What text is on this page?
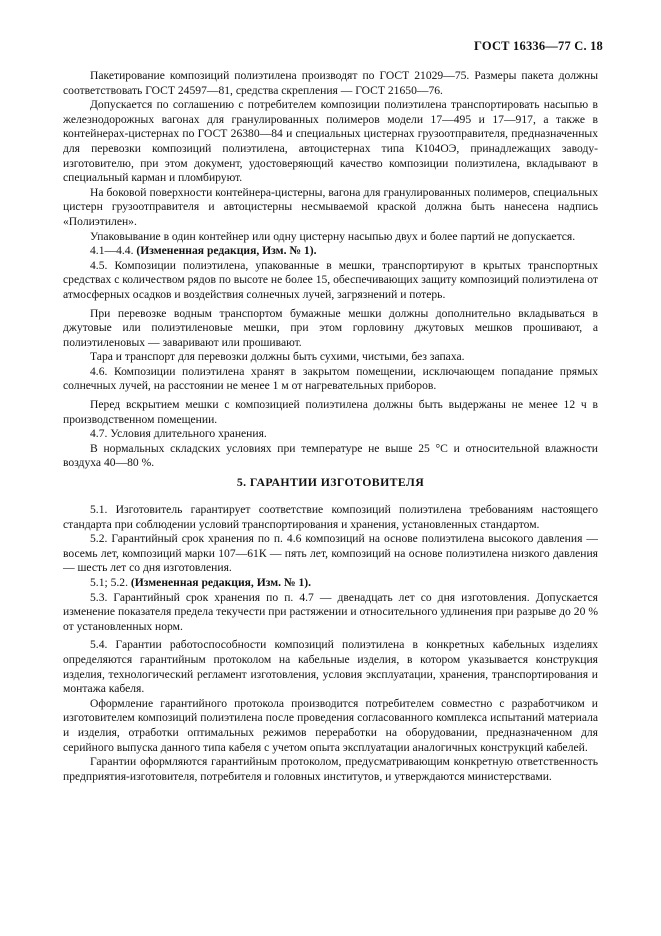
ГОСТ 16336—77 С. 18

Пакетирование композиций полиэтилена производят по ГОСТ 21029—75. Размеры пакета должны соответствовать ГОСТ 24597—81, средства скрепления — ГОСТ 21650—76.

Допускается по соглашению с потребителем композиции полиэтилена транспортировать насыпью в железнодорожных вагонах для гранулированных полимеров модели 17—495 и 17—917, а также в контейнерах-цистернах по ГОСТ 26380—84 и специальных цистернах грузоотправителя, предназначенных для перевозки композиций полиэтилена, автоцистернах типа К104ОЭ, принадлежащих заводу-изготовителю, при этом документ, удостоверяющий качество композиции полиэтилена, вкладывают в специальный карман и пломбируют.

На боковой поверхности контейнера-цистерны, вагона для гранулированных полимеров, специальных цистерн грузоотправителя и автоцистерны несмываемой краской должна быть нанесена надпись «Полиэтилен».

Упаковывание в один контейнер или одну цистерну насыпью двух и более партий не допускается.

4.1—4.4. (Измененная редакция, Изм. № 1).

4.5. Композиции полиэтилена, упакованные в мешки, транспортируют в крытых транспортных средствах с количеством рядов по высоте не более 15, обеспечивающих защиту композиций полиэтилена от атмосферных осадков и воздействия солнечных лучей, загрязнений и потерь.

При перевозке водным транспортом бумажные мешки должны дополнительно вкладываться в джутовые или полиэтиленовые мешки, при этом горловину джутовых мешков прошивают, а полиэтиленовых — заваривают или прошивают.

Тара и транспорт для перевозки должны быть сухими, чистыми, без запаха.

4.6. Композиции полиэтилена хранят в закрытом помещении, исключающем попадание прямых солнечных лучей, на расстоянии не менее 1 м от нагревательных приборов.

Перед вскрытием мешки с композицией полиэтилена должны быть выдержаны не менее 12 ч в производственном помещении.

4.7. Условия длительного хранения.

В нормальных складских условиях при температуре не выше 25 °С и относительной влажности воздуха 40—80 %.

5. ГАРАНТИИ ИЗГОТОВИТЕЛЯ

5.1. Изготовитель гарантирует соответствие композиций полиэтилена требованиям настоящего стандарта при соблюдении условий транспортирования и хранения, установленных стандартом.

5.2. Гарантийный срок хранения по п. 4.6 композиций на основе полиэтилена высокого давления — восемь лет, композиций марки 107—61К — пять лет, композиций на основе полиэтилена низкого давления — шесть лет со дня изготовления.

5.1; 5.2. (Измененная редакция, Изм. № 1).

5.3. Гарантийный срок хранения по п. 4.7 — двенадцать лет со дня изготовления. Допускается изменение показателя предела текучести при растяжении и относительного удлинения при разрыве до 20 % от установленных норм.

5.4. Гарантии работоспособности композиций полиэтилена в конкретных кабельных изделиях определяются гарантийным протоколом на кабельные изделия, в котором указывается конструкция изделия, технологический регламент изготовления, условия эксплуатации, хранения, транспортирования и монтажа кабеля.

Оформление гарантийного протокола производится потребителем совместно с разработчиком и изготовителем композиций полиэтилена после проведения согласованного комплекса испытаний материала и изделия, отработки оптимальных режимов переработки на оборудовании, предназначенном для серийного выпуска данного типа кабеля с учетом опыта эксплуатации аналогичных конструкций кабелей.

Гарантии оформляются гарантийным протоколом, предусматривающим конкретную ответственность предприятия-изготовителя, потребителя и головных институтов, и утверждаются министерствами.
